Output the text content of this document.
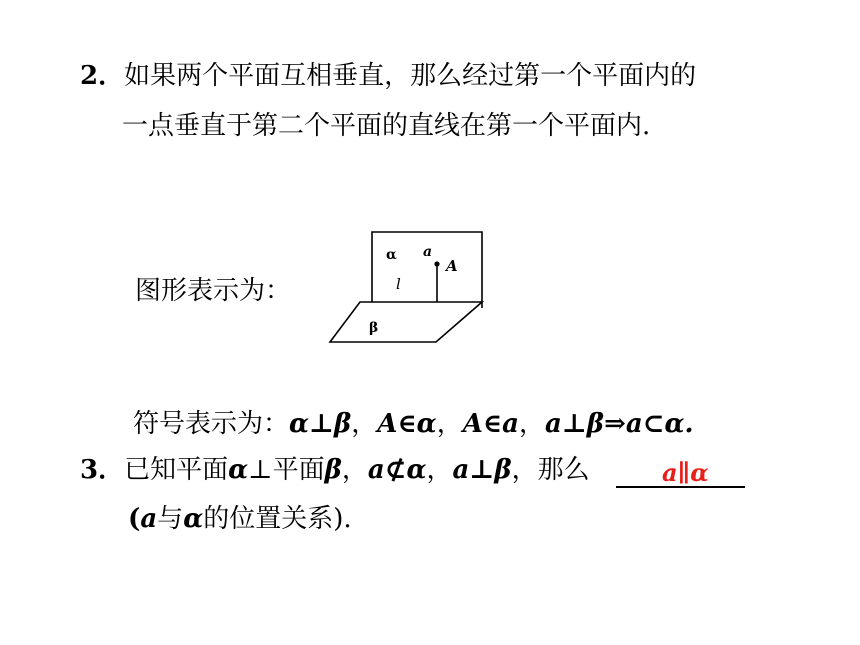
2．如果两个平面互相垂直，那么经过第一个平面内的
一点垂直于第二个平面的直线在第一个平面内.
图形表示为：
α a
A
l
β
符号表示为：α⊥β，A∈α，A∈a，a⊥β⇒a⊂α.
3．已知平面α⊥平面β，a⊄α，a⊥β，那么	a∥α
(a与α的位置关系).
